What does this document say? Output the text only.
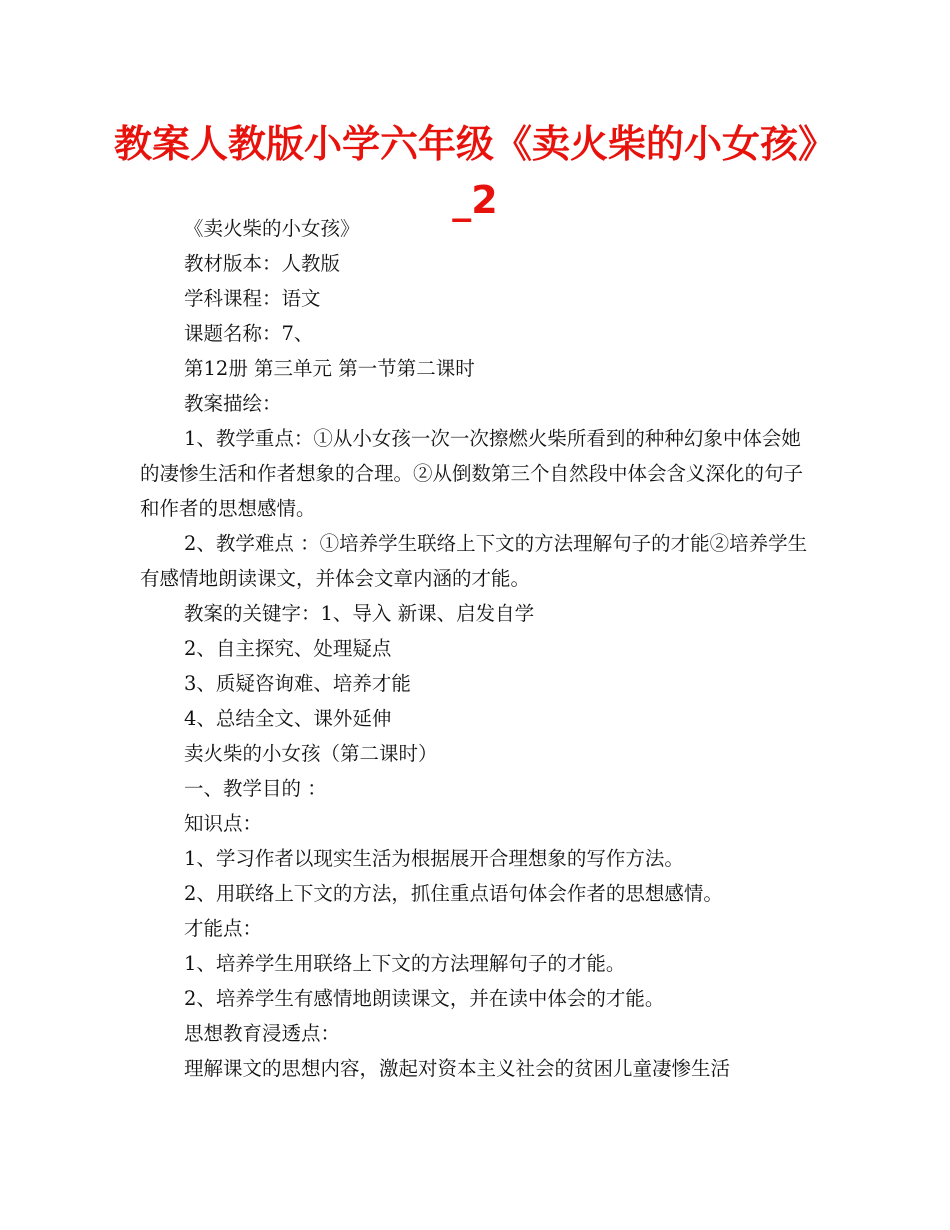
教案人教版小学六年级《卖火柴的小女孩》_2

《卖火柴的小女孩》

教材版本：人教版

学科课程：语文

课题名称：7、

第12册 第三单元 第一节第二课时

教案描绘：

1、教学重点：①从小女孩一次一次擦燃火柴所看到的种种幻象中体会她的凄惨生活和作者想象的合理。②从倒数第三个自然段中体会含义深化的句子和作者的思想感情。

2、教学难点 ：①培养学生联络上下文的方法理解句子的才能②培养学生有感情地朗读课文，并体会文章内涵的才能。

教案的关键字：1、导入 新课、启发自学

2、自主探究、处理疑点

3、质疑咨询难、培养才能

4、总结全文、课外延伸

卖火柴的小女孩（第二课时）

一、教学目的 ：

知识点：

1、学习作者以现实生活为根据展开合理想象的写作方法。

2、用联络上下文的方法，抓住重点语句体会作者的思想感情。

才能点：

1、培养学生用联络上下文的方法理解句子的才能。

2、培养学生有感情地朗读课文，并在读中体会的才能。

思想教育浸透点：

理解课文的思想内容，激起对资本主义社会的贫困儿童凄惨生活
